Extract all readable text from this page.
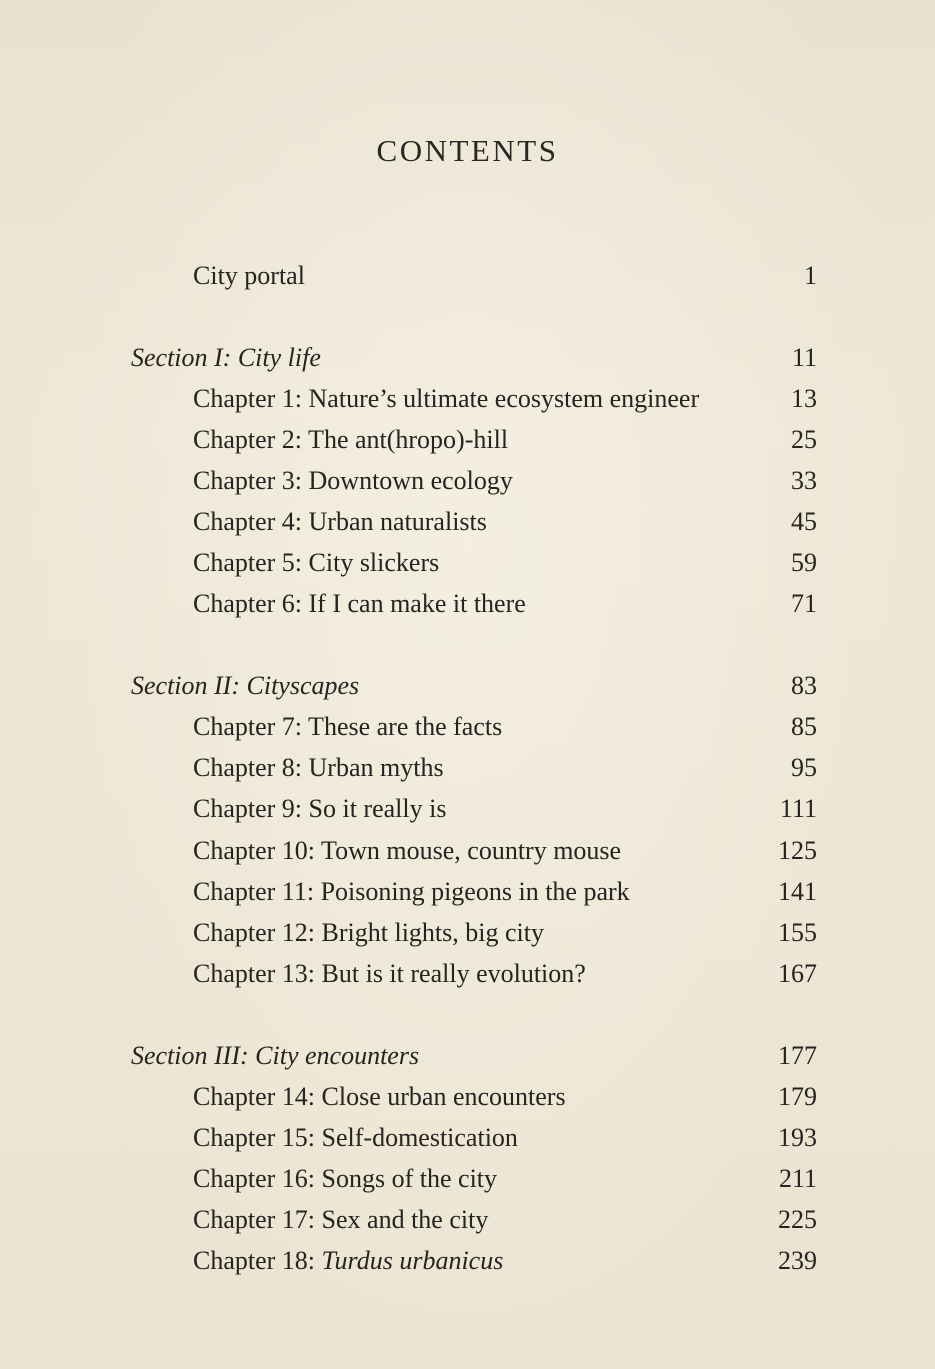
CONTENTS
City portal	1
Section I: City life	11
Chapter 1: Nature’s ultimate ecosystem engineer	13
Chapter 2: The ant(hropo)-hill	25
Chapter 3: Downtown ecology	33
Chapter 4: Urban naturalists	45
Chapter 5: City slickers	59
Chapter 6: If I can make it there	71
Section II: Cityscapes	83
Chapter 7: These are the facts	85
Chapter 8: Urban myths	95
Chapter 9: So it really is	111
Chapter 10: Town mouse, country mouse	125
Chapter 11: Poisoning pigeons in the park	141
Chapter 12: Bright lights, big city	155
Chapter 13: But is it really evolution?	167
Section III: City encounters	177
Chapter 14: Close urban encounters	179
Chapter 15: Self-domestication	193
Chapter 16: Songs of the city	211
Chapter 17: Sex and the city	225
Chapter 18: Turdus urbanicus	239
